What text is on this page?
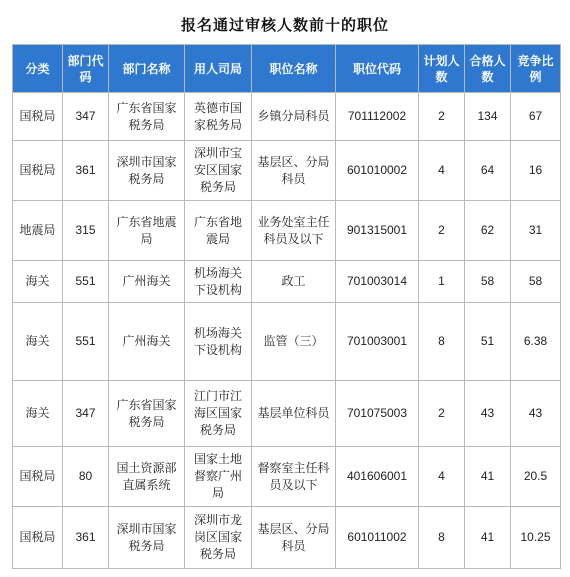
报名通过审核人数前十的职位
分类	部门代码	部门名称	用人司局	职位名称	职位代码	计划人数	合格人数	竞争比例
国税局	347	广东省国家税务局	英德市国家税务局	乡镇分局科员	701112002	2	134	67
国税局	361	深圳市国家税务局	深圳市宝安区国家税务局	基层区、分局科员	601010002	4	64	16
地震局	315	广东省地震局	广东省地震局	业务处室主任科员及以下	901315001	2	62	31
海关	551	广州海关	机场海关下设机构	政工	701003014	1	58	58
海关	551	广州海关	机场海关下设机构	监管（三）	701003001	8	51	6.38
海关	347	广东省国家税务局	江门市江海区国家税务局	基层单位科员	701075003	2	43	43
国税局	80	国土资源部直属系统	国家土地督察广州局	督察室主任科员及以下	401606001	4	41	20.5
国税局	361	深圳市国家税务局	深圳市龙岗区国家税务局	基层区、分局科员	601011002	8	41	10.25
